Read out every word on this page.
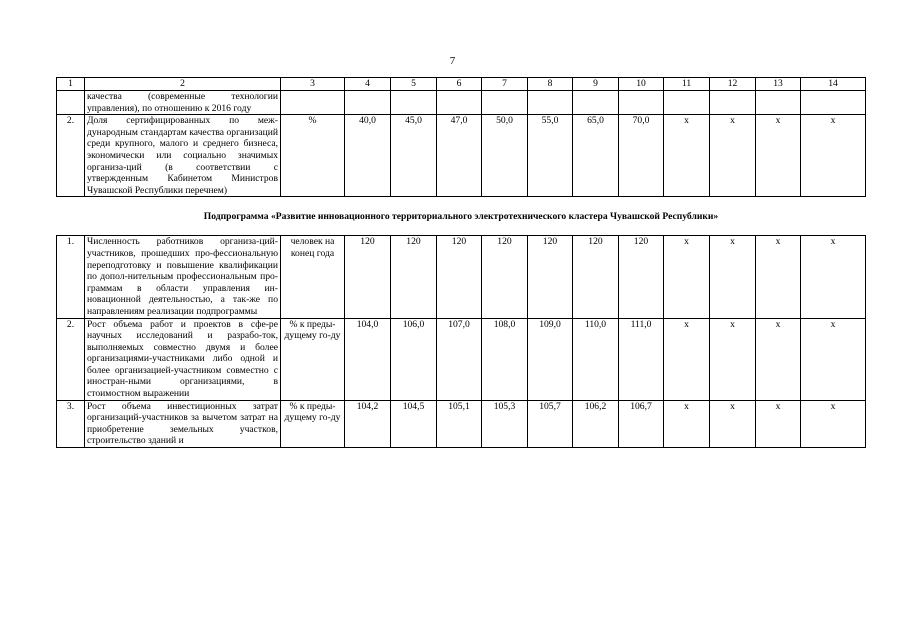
7
1	2	3	4	5	6	7	8	9	10	11	12	13	14
	качества (современные технологии управления), по отношению к 2016 году												
2.	Доля сертифицированных по меж-дународным стандартам качества организаций среди крупного, малого и среднего бизнеса, экономически или социально значимых организа-ций (в соответствии с утвержденным Кабинетом Министров Чувашской Республики перечнем)	%	40,0	45,0	47,0	50,0	55,0	65,0	70,0	x	x	x	x
Подпрограмма «Развитие инновационного территориального электротехнического кластера Чувашской Республики»													
1.	Численность работников организа-ций-участников, прошедших про-фессиональную переподготовку и повышение квалификации по допол-нительным профессиональным про-граммам в области управления ин-новационной деятельностью, а так-же по направлениям реализации подпрограммы	человек на конец года	120	120	120	120	120	120	120	x	x	x	x
2.	Рост объема работ и проектов в сфе-ре научных исследований и разрабо-ток, выполняемых совместно двумя и более организациями-участниками либо одной и более организацией-участником совместно с иностран-ными организациями, в стоимостном выражении	% к преды-дущему го-ду	104,0	106,0	107,0	108,0	109,0	110,0	111,0	x	x	x	x
3.	Рост объема инвестиционных затрат организаций-участников за вычетом затрат на приобретение земельных участков, строительство зданий и	% к преды-дущему го-ду	104,2	104,5	105,1	105,3	105,7	106,2	106,7	x	x	x	x
